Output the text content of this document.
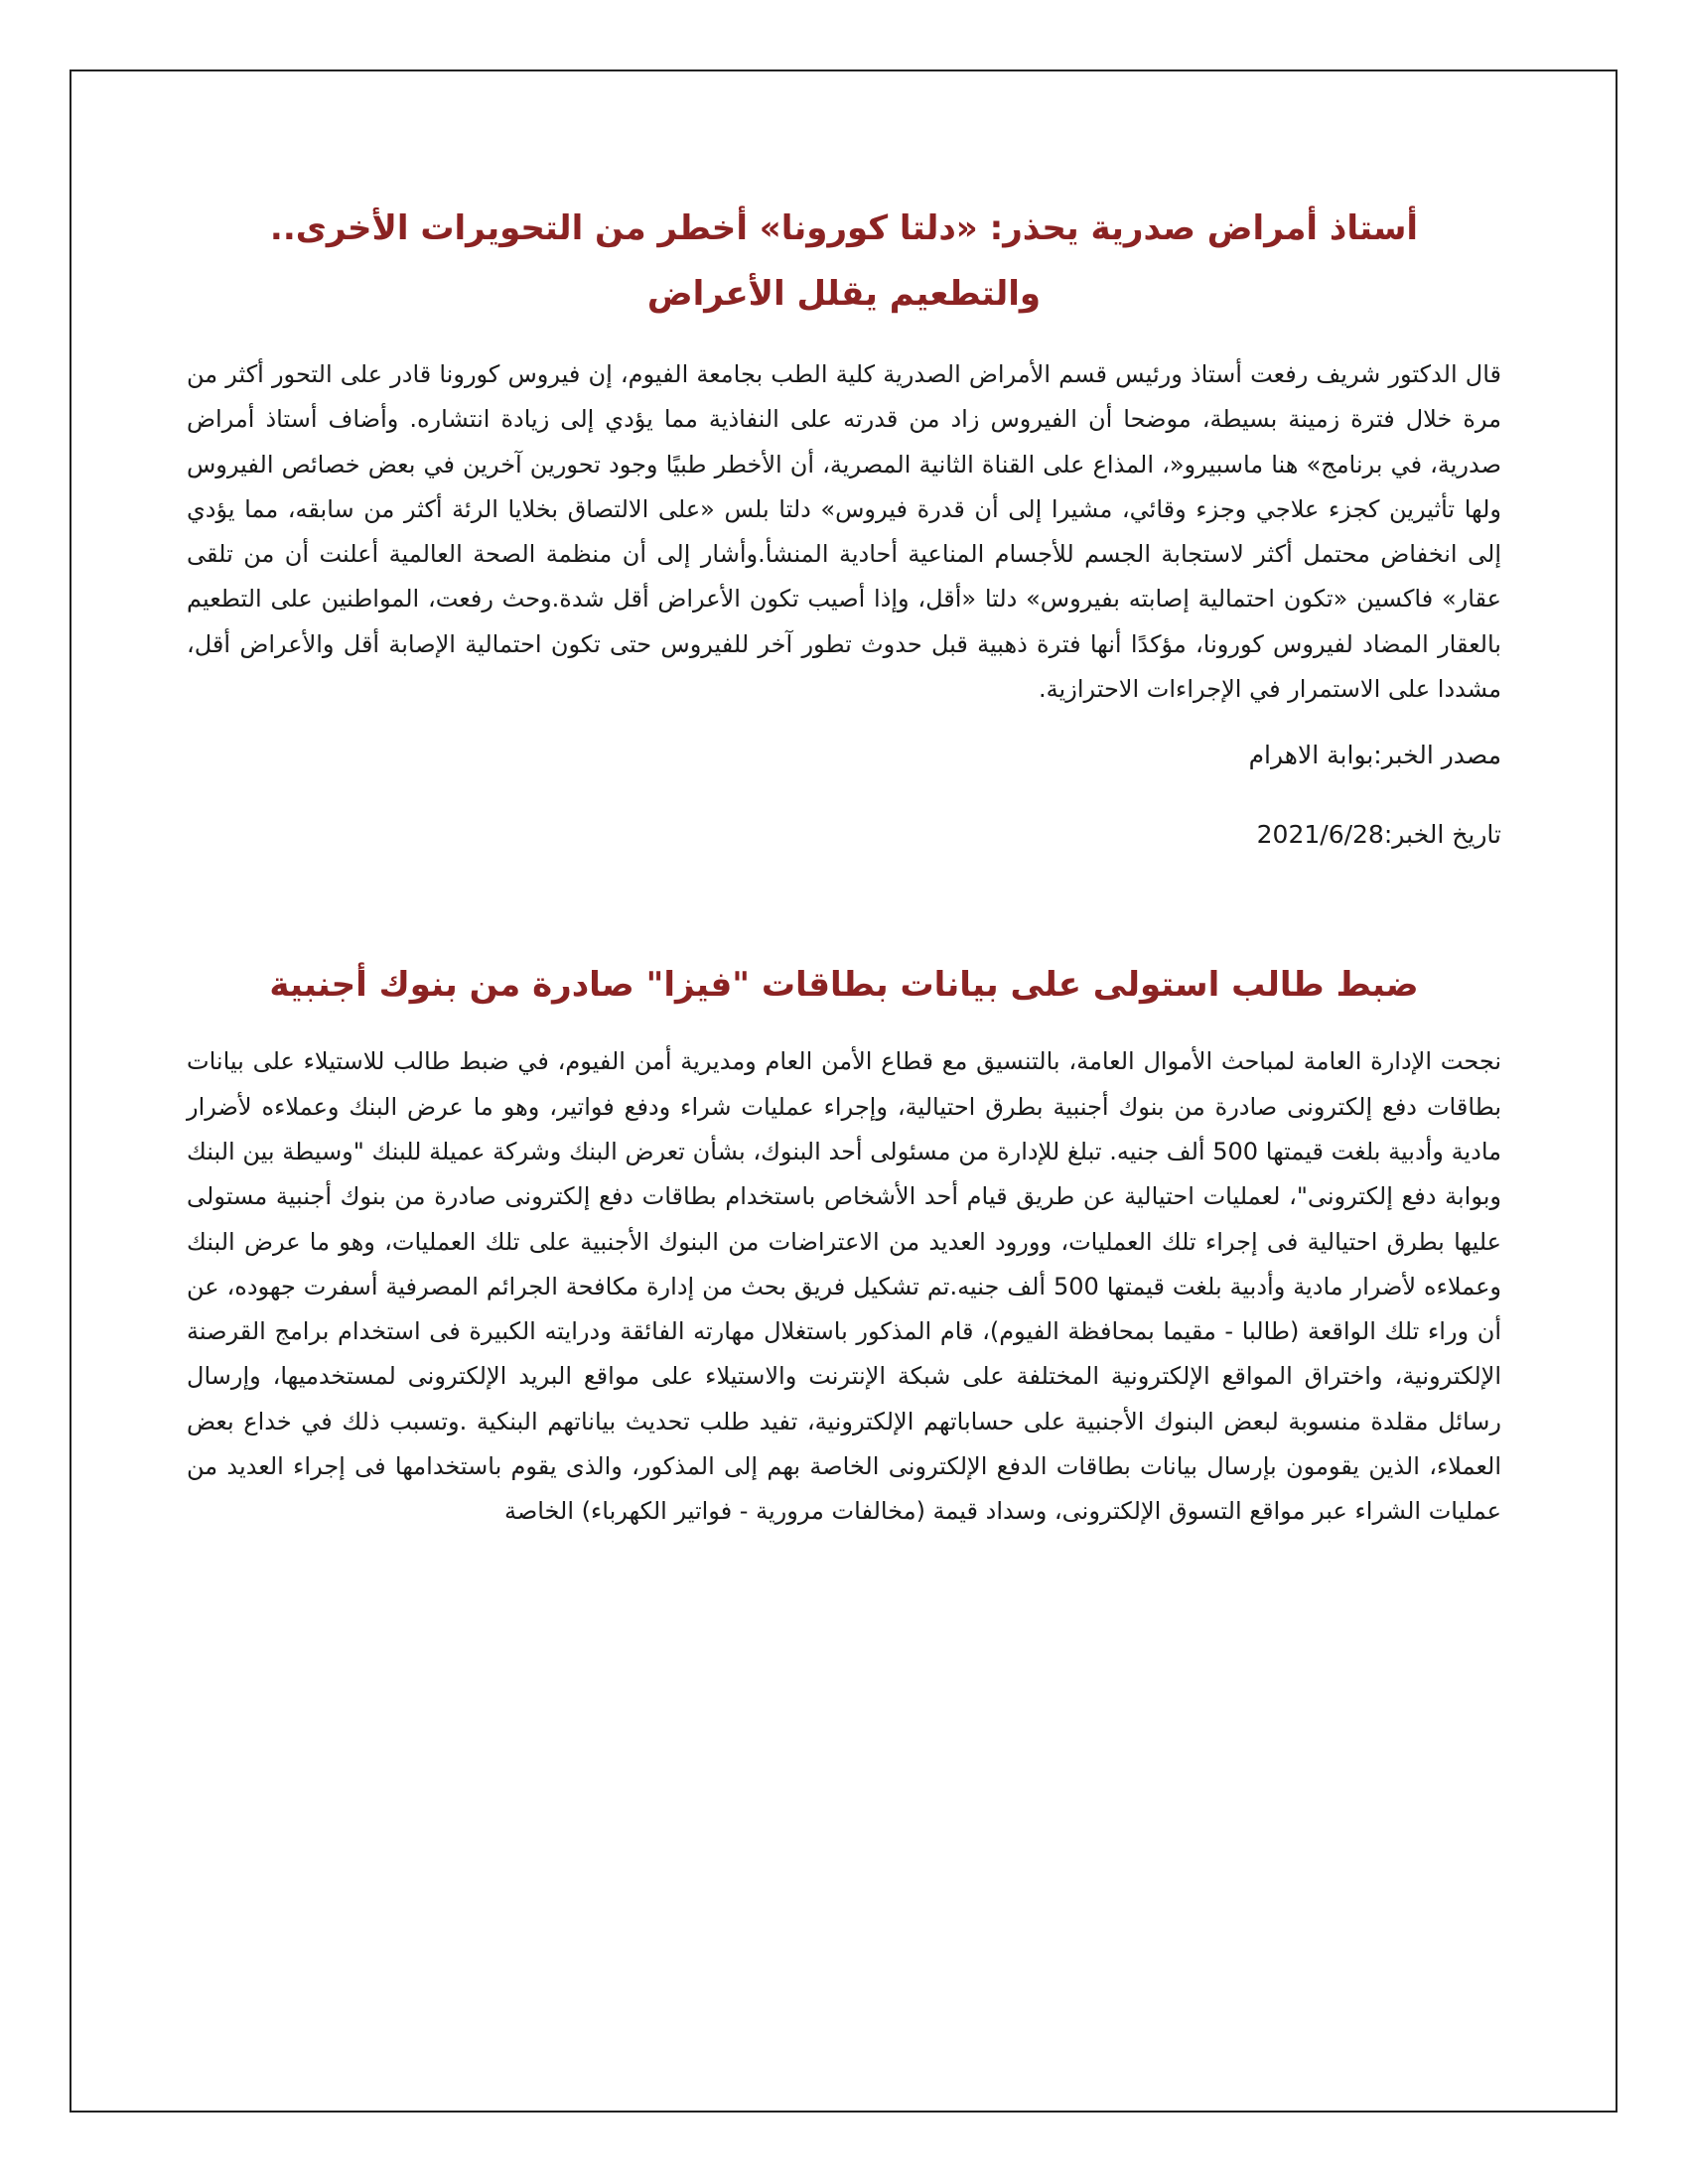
أستاذ أمراض صدرية يحذر: «دلتا كورونا» أخطر من التحويرات الأخرى..
والتطعيم يقلل الأعراض

قال الدكتور شريف رفعت أستاذ ورئيس قسم الأمراض الصدرية كلية الطب بجامعة الفيوم، إن فيروس كورونا قادر على التحور أكثر من مرة خلال فترة زمينة بسيطة، موضحا أن الفيروس زاد من قدرته على النفاذية مما يؤدي إلى زيادة انتشاره. وأضاف أستاذ أمراض صدرية، في برنامج» هنا ماسبيرو«، المذاع على القناة الثانية المصرية، أن الأخطر طبيًا وجود تحورين آخرين في بعض خصائص الفيروس ولها تأثيرين كجزء علاجي وجزء وقائي، مشيرا إلى أن قدرة فيروس» دلتا بلس «على الالتصاق بخلايا الرئة أكثر من سابقه، مما يؤدي إلى انخفاض محتمل أكثر لاستجابة الجسم للأجسام المناعية أحادية المنشأ.وأشار إلى أن منظمة الصحة العالمية أعلنت أن من تلقى عقار» فاكسين «تكون احتمالية إصابته بفيروس» دلتا «أقل، وإذا أصيب تكون الأعراض أقل شدة.وحث رفعت، المواطنين على التطعيم بالعقار المضاد لفيروس كورونا، مؤكدًا أنها فترة ذهبية قبل حدوث تطور آخر للفيروس حتى تكون احتمالية الإصابة أقل والأعراض أقل، مشددا على الاستمرار في الإجراءات الاحترازية.

مصدر الخبر:بوابة الاهرام

تاريخ الخبر:2021/6/28

ضبط طالب استولى على بيانات بطاقات "فيزا" صادرة من بنوك أجنبية

نجحت الإدارة العامة لمباحث الأموال العامة، بالتنسيق مع قطاع الأمن العام ومديرية أمن الفيوم، في ضبط طالب للاستيلاء على بيانات بطاقات دفع إلكترونى صادرة من بنوك أجنبية بطرق احتيالية، وإجراء عمليات شراء ودفع فواتير، وهو ما عرض البنك وعملاءه لأضرار مادية وأدبية بلغت قيمتها 500 ألف جنيه. تبلغ للإدارة من مسئولى أحد البنوك، بشأن تعرض البنك وشركة عميلة للبنك "وسيطة بين البنك وبوابة دفع إلكترونى"، لعمليات احتيالية عن طريق قيام أحد الأشخاص باستخدام بطاقات دفع إلكترونى صادرة من بنوك أجنبية مستولى عليها بطرق احتيالية فى إجراء تلك العمليات، وورود العديد من الاعتراضات من البنوك الأجنبية على تلك العمليات، وهو ما عرض البنك وعملاءه لأضرار مادية وأدبية بلغت قيمتها 500 ألف جنيه.تم تشكيل فريق بحث من إدارة مكافحة الجرائم المصرفية أسفرت جهوده، عن أن وراء تلك الواقعة (طالبا - مقيما بمحافظة الفيوم)، قام المذكور باستغلال مهارته الفائقة ودرايته الكبيرة فى استخدام برامج القرصنة الإلكترونية، واختراق المواقع الإلكترونية المختلفة على شبكة الإنترنت والاستيلاء على مواقع البريد الإلكترونى لمستخدميها، وإرسال رسائل مقلدة منسوبة لبعض البنوك الأجنبية على حساباتهم الإلكترونية، تفيد طلب تحديث بياناتهم البنكية .وتسبب ذلك في خداع بعض العملاء، الذين يقومون بإرسال بيانات بطاقات الدفع الإلكترونى الخاصة بهم إلى المذكور، والذى يقوم باستخدامها فى إجراء العديد من عمليات الشراء عبر مواقع التسوق الإلكترونى، وسداد قيمة (مخالفات مرورية - فواتير الكهرباء) الخاصة
